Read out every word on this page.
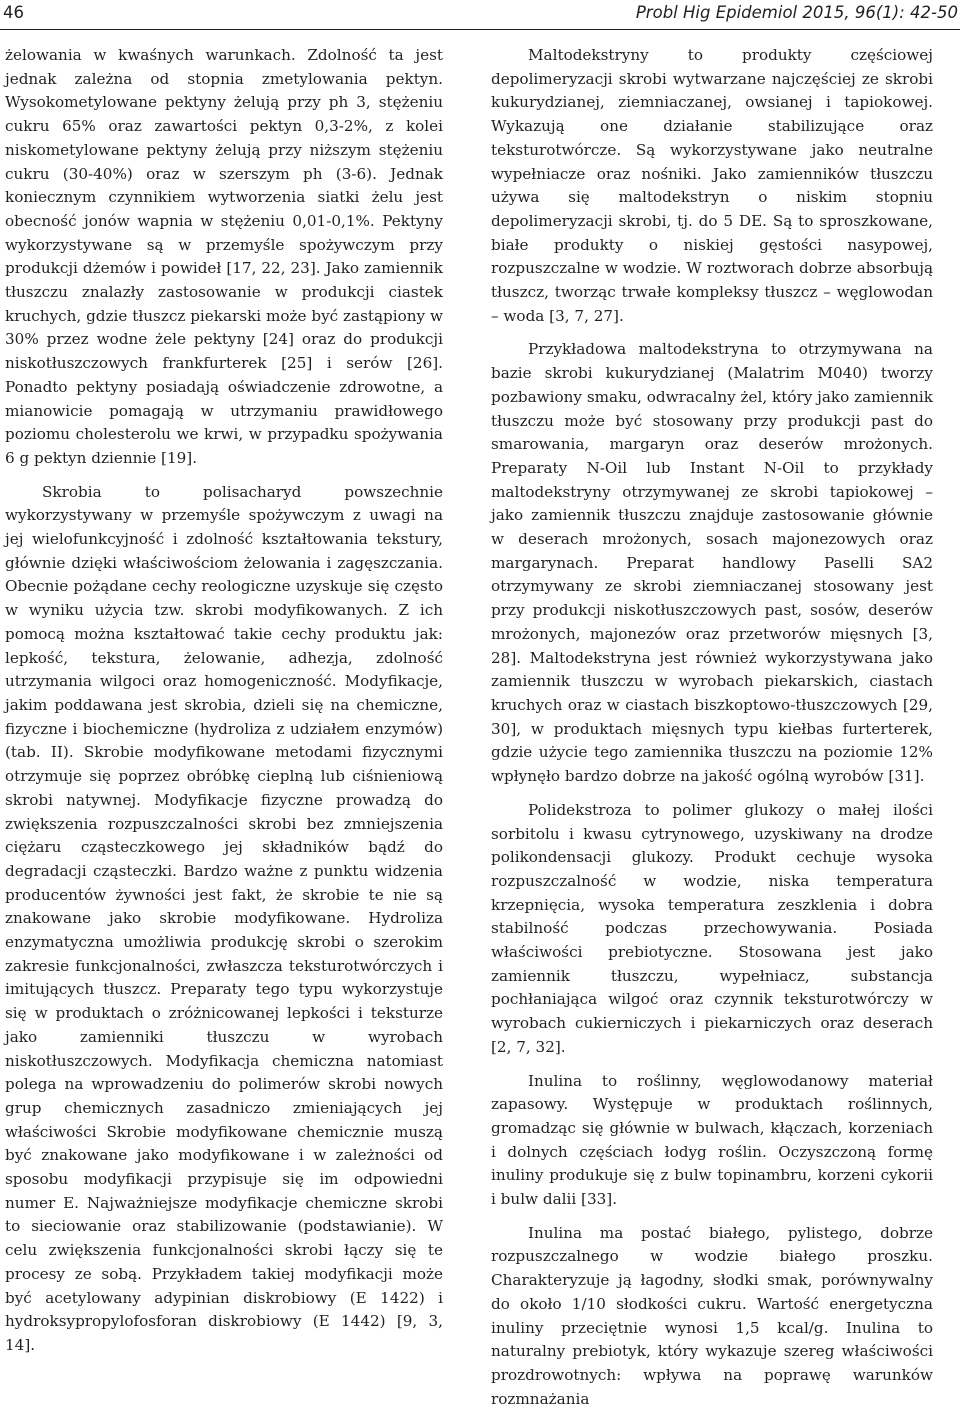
46	Probl Hig Epidemiol 2015, 96(1): 42-50

żelowania w kwaśnych warunkach. Zdolność ta jest jednak zależna od stopnia zmetylowania pektyn. Wysokometylowane pektyny żelują przy ph 3, stężeniu cukru 65% oraz zawartości pektyn 0,3-2%, z kolei niskometylowane pektyny żelują przy niższym stężeniu cukru (30-40%) oraz w szerszym ph (3-6). Jednak koniecznym czynnikiem wytworzenia siatki żelu jest obecność jonów wapnia w stężeniu 0,01-0,1%. Pektyny wykorzystywane są w przemyśle spożywczym przy produkcji dżemów i powideł [17, 22, 23]. Jako zamiennik tłuszczu znalazły zastosowanie w produkcji ciastek kruchych, gdzie tłuszcz piekarski może być zastąpiony w 30% przez wodne żele pektyny [24] oraz do produkcji niskotłuszczowych frankfurterek [25] i serów [26]. Ponadto pektyny posiadają oświadczenie zdrowotne, a mianowicie pomagają w utrzymaniu prawidłowego poziomu cholesterolu we krwi, w przypadku spożywania 6 g pektyn dziennie [19].

Skrobia to polisacharyd powszechnie wykorzystywany w przemyśle spożywczym z uwagi na jej wielofunkcyjność i zdolność kształtowania tekstury, głównie dzięki właściwościom żelowania i zagęszczania. Obecnie pożądane cechy reologiczne uzyskuje się często w wyniku użycia tzw. skrobi modyfikowanych. Z ich pomocą można kształtować takie cechy produktu jak: lepkość, tekstura, żelowanie, adhezja, zdolność utrzymania wilgoci oraz homogeniczność. Modyfikacje, jakim poddawana jest skrobia, dzieli się na chemiczne, fizyczne i biochemiczne (hydroliza z udziałem enzymów) (tab. II). Skrobie modyfikowane metodami fizycznymi otrzymuje się poprzez obróbkę cieplną lub ciśnieniową skrobi natywnej. Modyfikacje fizyczne prowadzą do zwiększenia rozpuszczalności skrobi bez zmniejszenia ciężaru cząsteczkowego jej składników bądź do degradacji cząsteczki. Bardzo ważne z punktu widzenia producentów żywności jest fakt, że skrobie te nie są znakowane jako skrobie modyfikowane. Hydroliza enzymatyczna umożliwia produkcję skrobi o szerokim zakresie funkcjonalności, zwłaszcza teksturotwórczych i imitujących tłuszcz. Preparaty tego typu wykorzystuje się w produktach o zróżnicowanej lepkości i teksturze jako zamienniki tłuszczu w wyrobach niskotłuszczowych. Modyfikacja chemiczna natomiast polega na wprowadzeniu do polimerów skrobi nowych grup chemicznych zasadniczo zmieniających jej właściwości Skrobie modyfikowane chemicznie muszą być znakowane jako modyfikowane i w zależności od sposobu modyfikacji przypisuje się im odpowiedni numer E. Najważniejsze modyfikacje chemiczne skrobi to sieciowanie oraz stabilizowanie (podstawianie). W celu zwiększenia funkcjonalności skrobi łączy się te procesy ze sobą. Przykładem takiej modyfikacji może być acetylowany adypinian diskrobiowy (E 1422) i hydroksypropylofosforan diskrobiowy (E 1442) [9, 3, 14].

Maltodekstryny to produkty częściowej depolimeryzacji skrobi wytwarzane najczęściej ze skrobi kukurydzianej, ziemniaczanej, owsianej i tapiokowej. Wykazują one działanie stabilizujące oraz teksturotwórcze. Są wykorzystywane jako neutralne wypełniacze oraz nośniki. Jako zamienników tłuszczu używa się maltodekstryn o niskim stopniu depolimeryzacji skrobi, tj. do 5 DE. Są to sproszkowane, białe produkty o niskiej gęstości nasypowej, rozpuszczalne w wodzie. W roztworach dobrze absorbują tłuszcz, tworząc trwałe kompleksy tłuszcz – węglowodan – woda [3, 7, 27].

Przykładowa maltodekstryna to otrzymywana na bazie skrobi kukurydzianej (Malatrim M040) tworzy pozbawiony smaku, odwracalny żel, który jako zamiennik tłuszczu może być stosowany przy produkcji past do smarowania, margaryn oraz deserów mrożonych. Preparaty N-Oil lub Instant N-Oil to przykłady maltodekstryny otrzymywanej ze skrobi tapiokowej – jako zamiennik tłuszczu znajduje zastosowanie głównie w deserach mrożonych, sosach majonezowych oraz margarynach. Preparat handlowy Paselli SA2 otrzymywany ze skrobi ziemniaczanej stosowany jest przy produkcji niskotłuszczowych past, sosów, deserów mrożonych, majonezów oraz przetworów mięsnych [3, 28]. Maltodekstryna jest również wykorzystywana jako zamiennik tłuszczu w wyrobach piekarskich, ciastach kruchych oraz w ciastach biszkoptowo-tłuszczowych [29, 30], w produktach mięsnych typu kiełbas furterterek, gdzie użycie tego zamiennika tłuszczu na poziomie 12% wpłynęło bardzo dobrze na jakość ogólną wyrobów [31].

Polidekstroza to polimer glukozy o małej ilości sorbitolu i kwasu cytrynowego, uzyskiwany na drodze polikondensacji glukozy. Produkt cechuje wysoka rozpuszczalność w wodzie, niska temperatura krzepnięcia, wysoka temperatura zeszklenia i dobra stabilność podczas przechowywania. Posiada właściwości prebiotyczne. Stosowana jest jako zamiennik tłuszczu, wypełniacz, substancja pochłaniająca wilgoć oraz czynnik teksturotwórczy w wyrobach cukierniczych i piekarniczych oraz deserach [2, 7, 32].

Inulina to roślinny, węglowodanowy materiał zapasowy. Występuje w produktach roślinnych, gromadząc się głównie w bulwach, kłączach, korzeniach i dolnych częściach łodyg roślin. Oczyszczoną formę inuliny produkuje się z bulw topinambru, korzeni cykorii i bulw dalii [33].

Inulina ma postać białego, pylistego, dobrze rozpuszczalnego w wodzie białego proszku. Charakteryzuje ją łagodny, słodki smak, porównywalny do około 1/10 słodkości cukru. Wartość energetyczna inuliny przeciętnie wynosi 1,5 kcal/g. Inulina to naturalny prebiotyk, który wykazuje szereg właściwości prozdrowotnych: wpływa na poprawę warunków rozmnażania
